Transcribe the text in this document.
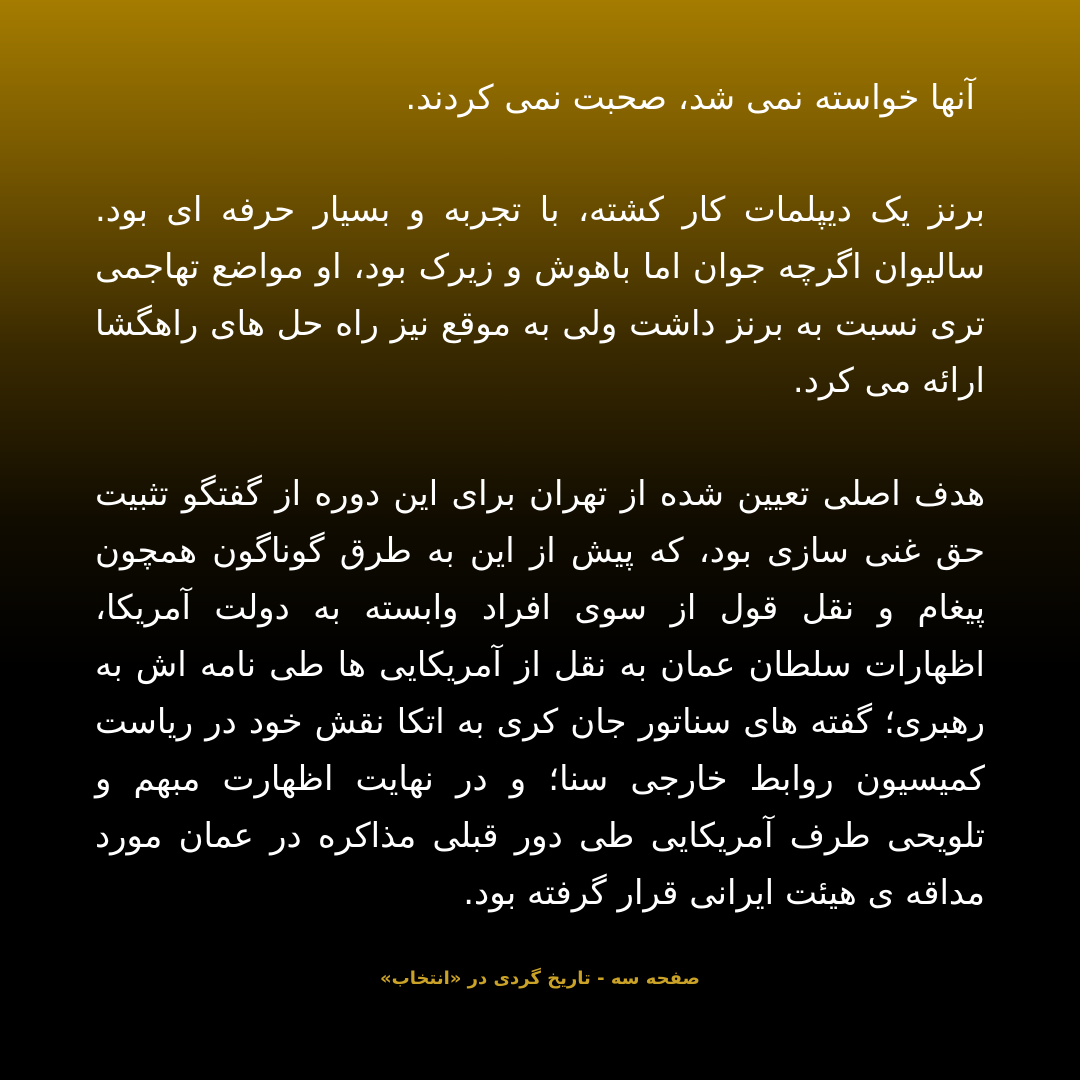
آنها خواسته نمی شد، صحبت نمی کردند.

برنز یک دیپلمات کار کشته، با تجربه و بسیار حرفه ای بود. سالیوان اگرچه جوان اما باهوش و زیرک بود، او مواضع تهاجمی تری نسبت به برنز داشت ولی به موقع نیز راه حل های راهگشا ارائه می کرد.

هدف اصلی تعیین شده از تهران برای این دوره از گفتگو تثبیت حق غنی سازی بود، که پیش از این به طرق گوناگون همچون پیغام و نقل قول از سوی افراد وابسته به دولت آمریکا، اظهارات سلطان عمان به نقل از آمریکایی ها طی نامه اش به رهبری؛ گفته های سناتور جان کری به اتکا نقش خود در ریاست کمیسیون روابط خارجی سنا؛ و در نهایت اظهارت مبهم و تلویحی طرف آمریکایی طی دور قبلی مذاکره در عمان مورد مداقه ی هیئت ایرانی قرار گرفته بود.

صفحه سه - تاریخ گردی در «انتخاب»
